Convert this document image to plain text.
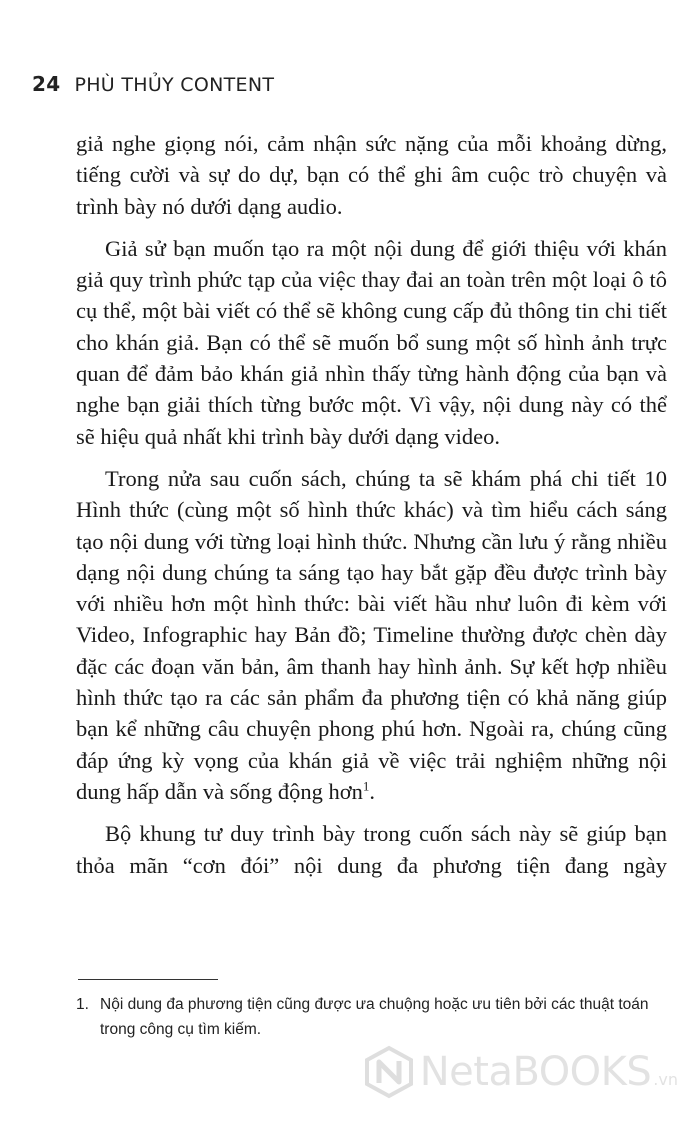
24 PHÙ THỦY CONTENT

giả nghe giọng nói, cảm nhận sức nặng của mỗi khoảng dừng, tiếng cười và sự do dự, bạn có thể ghi âm cuộc trò chuyện và trình bày nó dưới dạng audio.

Giả sử bạn muốn tạo ra một nội dung để giới thiệu với khán giả quy trình phức tạp của việc thay đai an toàn trên một loại ô tô cụ thể, một bài viết có thể sẽ không cung cấp đủ thông tin chi tiết cho khán giả. Bạn có thể sẽ muốn bổ sung một số hình ảnh trực quan để đảm bảo khán giả nhìn thấy từng hành động của bạn và nghe bạn giải thích từng bước một. Vì vậy, nội dung này có thể sẽ hiệu quả nhất khi trình bày dưới dạng video.

Trong nửa sau cuốn sách, chúng ta sẽ khám phá chi tiết 10 Hình thức (cùng một số hình thức khác) và tìm hiểu cách sáng tạo nội dung với từng loại hình thức. Nhưng cần lưu ý rằng nhiều dạng nội dung chúng ta sáng tạo hay bắt gặp đều được trình bày với nhiều hơn một hình thức: bài viết hầu như luôn đi kèm với Video, Infographic hay Bản đồ; Timeline thường được chèn dày đặc các đoạn văn bản, âm thanh hay hình ảnh. Sự kết hợp nhiều hình thức tạo ra các sản phẩm đa phương tiện có khả năng giúp bạn kể những câu chuyện phong phú hơn. Ngoài ra, chúng cũng đáp ứng kỳ vọng của khán giả về việc trải nghiệm những nội dung hấp dẫn và sống động hơn$^1$.

Bộ khung tư duy trình bày trong cuốn sách này sẽ giúp bạn thỏa mãn “cơn đói” nội dung đa phương tiện đang ngày

1. Nội dung đa phương tiện cũng được ưa chuộng hoặc ưu tiên bởi các thuật toán trong công cụ tìm kiếm.
NetaBOOKS .vn
